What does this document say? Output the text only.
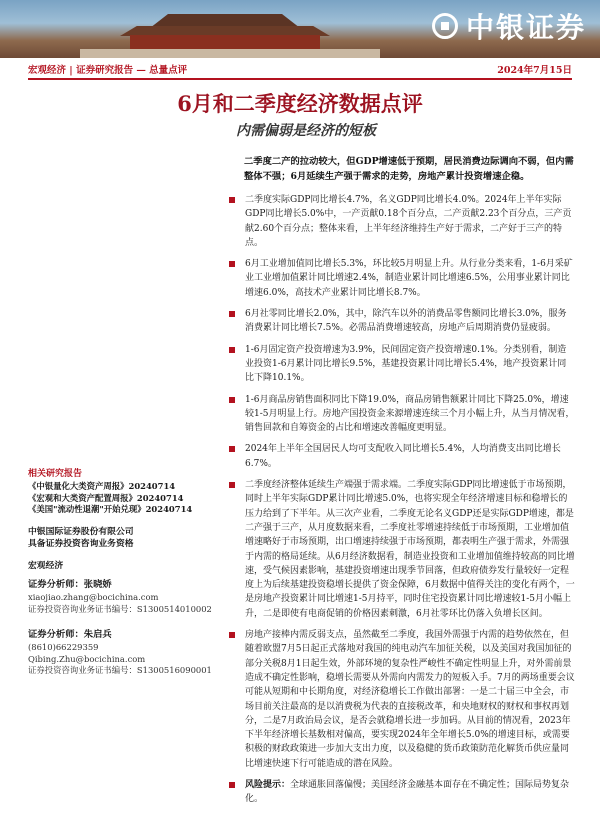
中银证券
宏观经济 | 证券研究报告 — 总量点评	2024年7月15日
6月和二季度经济数据点评
内需偏弱是经济的短板
二季度二产的拉动较大，但GDP增速低于预期，居民消费边际调向不弱，但内需整体不强；6月延续生产强于需求的走势，房地产累计投资增速企稳。
二季度实际GDP同比增长4.7%，名义GDP同比增长4.0%。2024年上半年实际GDP同比增长5.0%中，一产贡献0.18个百分点，二产贡献2.23个百分点，三产贡献2.60个百分点；整体来看，上半年经济维持生产好于需求，二产好于三产的特点。
6月工业增加值同比增长5.3%，环比较5月明显上升。从行业分类来看，1-6月采矿业工业增加值累计同比增速2.4%，制造业累计同比增速6.5%，公用事业累计同比增速6.0%，高技术产业累计同比增长8.7%。
6月社零同比增长2.0%，其中，除汽车以外的消费品零售额同比增长3.0%，服务消费累计同比增长7.5%。必需品消费增速较高，房地产后周期消费仍显疲弱。
1-6月固定资产投资增速为3.9%，民间固定资产投资增速0.1%。分类别看，制造业投资1-6月累计同比增长9.5%，基建投资累计同比增长5.4%，地产投资累计同比下降10.1%。
1-6月商品房销售面积同比下降19.0%，商品房销售额累计同比下降25.0%，增速较1-5月明显上行。房地产国投资金来源增速连续三个月小幅上升，从当月情况看，销售回款和自筹资金的占比和增速改善幅度更明显。
2024年上半年全国居民人均可支配收入同比增长5.4%，人均消费支出同比增长6.7%。
二季度经济整体延续生产端强于需求端。二季度实际GDP同比增速低于市场预期，同时上半年实际GDP累计同比增速5.0%，也将实现全年经济增速目标和稳增长的压力给到了下半年。从三次产业看，二季度无论名义GDP还是实际GDP增速，都是二产强于三产，从月度数据来看，二季度社零增速持续低于市场预期，工业增加值增速略好于市场预期，出口增速持续强于市场预期，都表明生产强于需求，外需强于内需的格局延续。从6月经济数据看，制造业投资和工业增加值维持较高的同比增速，受气候因素影响，基建投资增速出现季节回落，但政府债券发行量较好一定程度上为后续基建投资稳增长提供了资金保障，6月数据中值得关注的变化有两个，一是房地产投资累计同比增速1-5月持平，同时住宅投资累计同比增速较1-5月小幅上升，二是即使有电商促销的价格因素刺激，6月社零环比仍落入负增长区间。
房地产接棒内需反弱支点，虽然截至二季度，我国外需强于内需的趋势依然在，但随着欧盟7月5日起正式落地对我国的纯电动汽车加征关税，以及美国对我国加征的部分关税8月1日起生效，外部环境的复杂性严峻性不确定性明显上升，对外需前景造成不确定性影响，稳增长需要从外需向内需发力的短板入手。7月的两场重要会议可能从短期和中长期角度，对经济稳增长工作做出部署：一是二十届三中全会，市场目前关注最高的是以消费税为代表的直接税改革，和央地财权的财权和事权再划分，二是7月政治局会议，是否会就稳增长进一步加码。从目前的情况看，2023年下半年经济增长基数相对偏高，要实现2024年全年增长5.0%的增速目标，或需要积极的财政政策进一步加大支出力度，以及稳健的货币政策防范化解货币供应量同比增速快速下行可能造成的潜在风险。
风险提示：全球通胀回落偏慢；美国经济金融基本面存在不确定性；国际局势复杂化。
相关研究报告
《中银量化大类资产周报》20240714
《宏观和大类资产配置周报》20240714
《美国"流动性退潮"开始兑现》20240714
中银国际证券股份有限公司
具备证券投资咨询业务资格
宏观经济
证券分析师：张晓娇
xiaojiao.zhang@bocichina.com
证券投资咨询业务证书编号：S1300514010002
证券分析师：朱启兵
(8610)66229359
Qibing.Zhu@bocichina.com
证券投资咨询业务证书编号：S1300516090001
